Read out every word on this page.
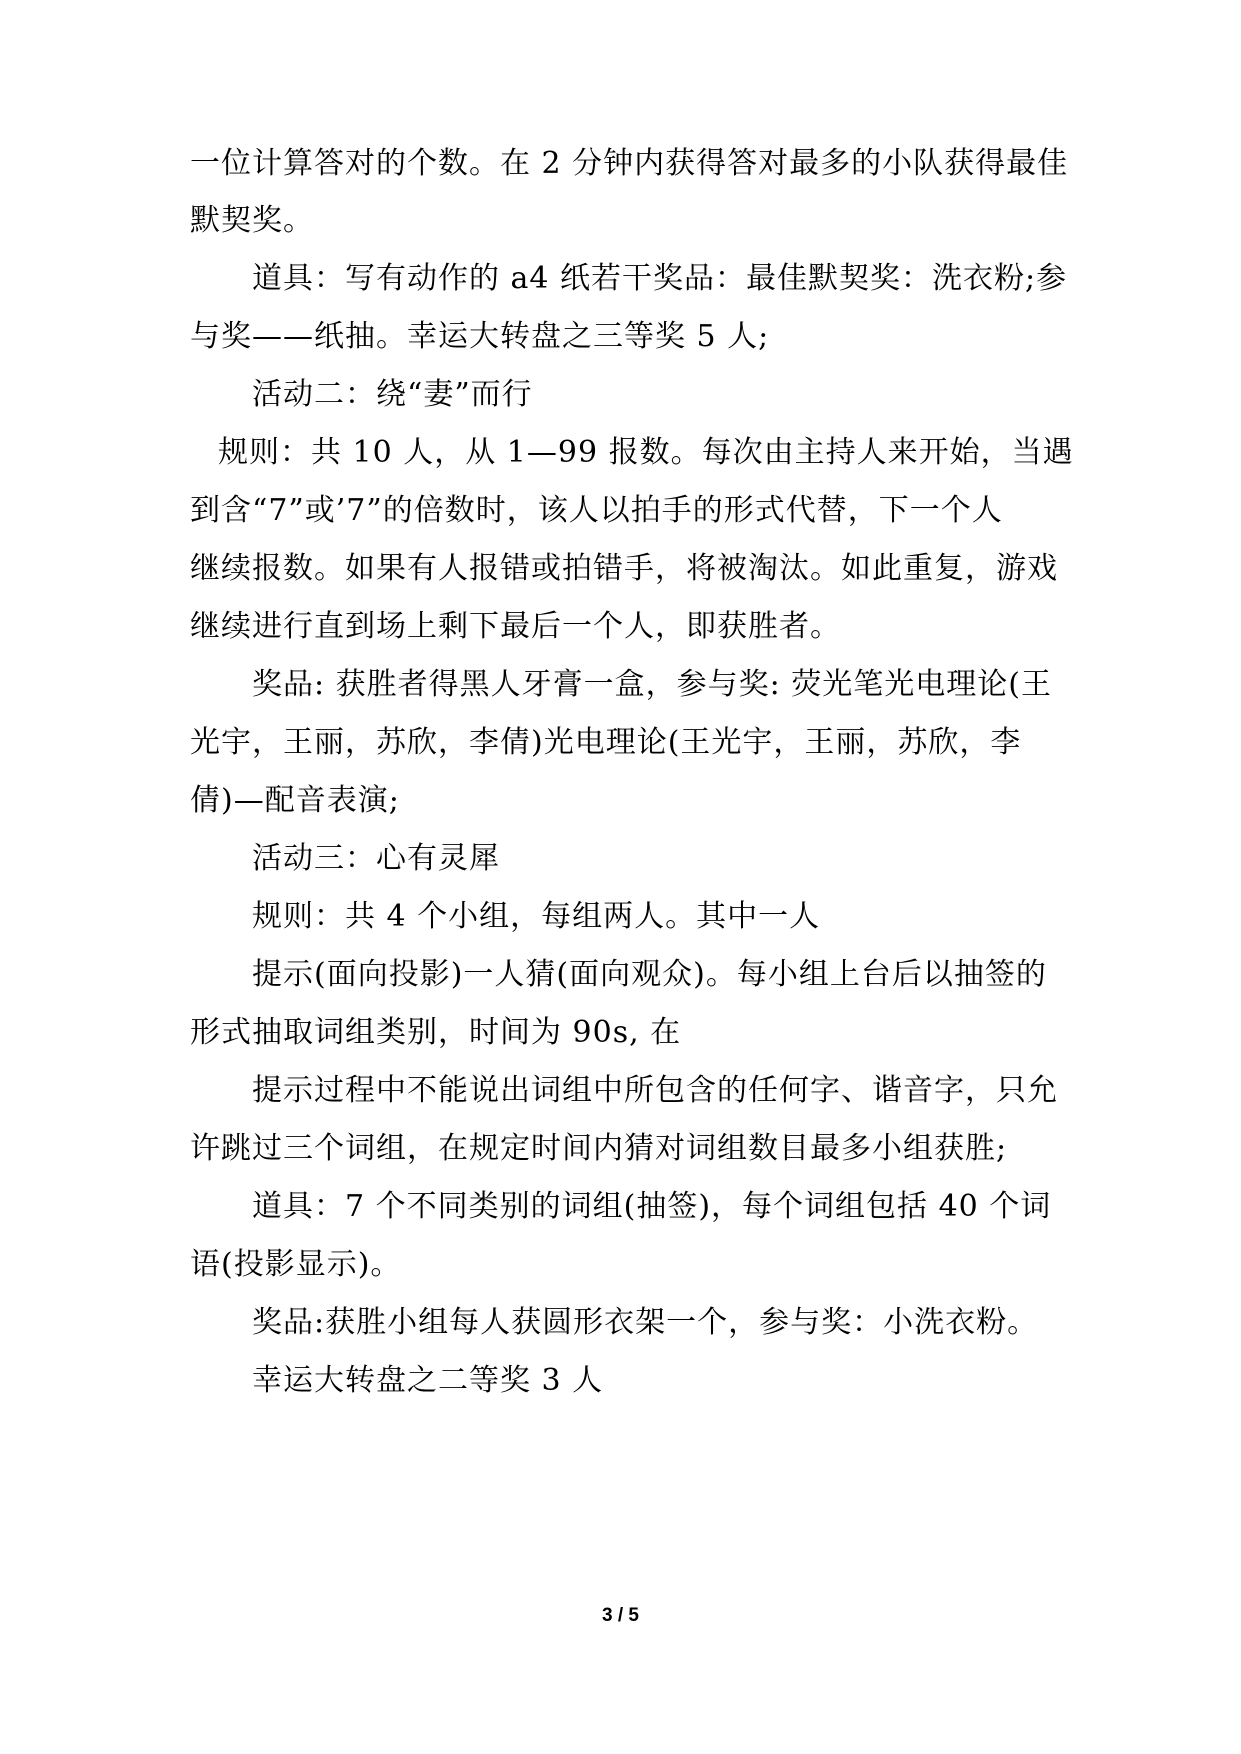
一位计算答对的个数。在 2 分钟内获得答对最多的小队获得最佳
默契奖。
道具：写有动作的 a4 纸若干奖品：最佳默契奖：洗衣粉;参
与奖——纸抽。幸运大转盘之三等奖 5 人;
活动二：绕“妻”而行
规则：共 10 人，从 1—99 报数。每次由主持人来开始，当遇
到含“7”或’7”的倍数时，该人以拍手的形式代替，下一个人
继续报数。如果有人报错或拍错手，将被淘汰。如此重复，游戏
继续进行直到场上剩下最后一个人，即获胜者。
奖品: 获胜者得黑人牙膏一盒，参与奖: 荧光笔光电理论(王
光宇，王丽，苏欣，李倩)光电理论(王光宇，王丽，苏欣，李
倩)—配音表演;
活动三：心有灵犀
规则：共 4 个小组，每组两人。其中一人
提示(面向投影)一人猜(面向观众)。每小组上台后以抽签的
形式抽取词组类别，时间为 90s, 在
提示过程中不能说出词组中所包含的任何字、谐音字，只允
许跳过三个词组，在规定时间内猜对词组数目最多小组获胜;
道具：7 个不同类别的词组(抽签)，每个词组包括 40 个词
语(投影显示)。
奖品:获胜小组每人获圆形衣架一个，参与奖：小洗衣粉。
幸运大转盘之二等奖 3 人
3 / 5
